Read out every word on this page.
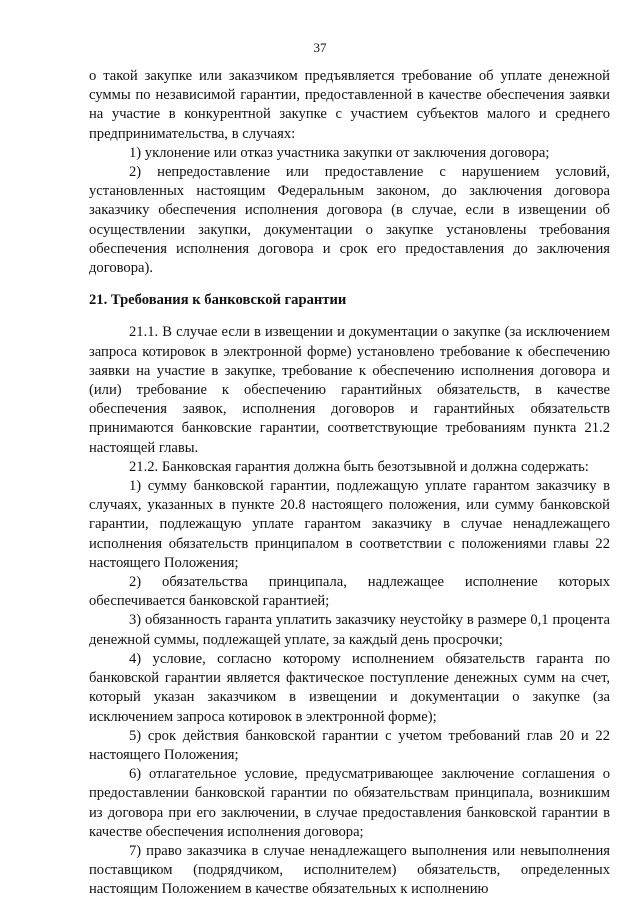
37

о такой закупке или заказчиком предъявляется требование об уплате денежной суммы по независимой гарантии, предоставленной в качестве обеспечения заявки на участие в конкурентной закупке с участием субъектов малого и среднего предпринимательства, в случаях:

1) уклонение или отказ участника закупки от заключения договора;

2) непредоставление или предоставление с нарушением условий, установленных настоящим Федеральным законом, до заключения договора заказчику обеспечения исполнения договора (в случае, если в извещении об осуществлении закупки, документации о закупке установлены требования обеспечения исполнения договора и срок его предоставления до заключения договора).

21. Требования к банковской гарантии

21.1. В случае если в извещении и документации о закупке (за исключением запроса котировок в электронной форме) установлено требование к обеспечению заявки на участие в закупке, требование к обеспечению исполнения договора и (или) требование к обеспечению гарантийных обязательств, в качестве обеспечения заявок, исполнения договоров и гарантийных обязательств принимаются банковские гарантии, соответствующие требованиям пункта 21.2 настоящей главы.

21.2. Банковская гарантия должна быть безотзывной и должна содержать:

1) сумму банковской гарантии, подлежащую уплате гарантом заказчику в случаях, указанных в пункте 20.8 настоящего положения, или сумму банковской гарантии, подлежащую уплате гарантом заказчику в случае ненадлежащего исполнения обязательств принципалом в соответствии с положениями главы 22 настоящего Положения;

2) обязательства принципала, надлежащее исполнение которых обеспечивается банковской гарантией;

3) обязанность гаранта уплатить заказчику неустойку в размере 0,1 процента денежной суммы, подлежащей уплате, за каждый день просрочки;

4) условие, согласно которому исполнением обязательств гаранта по банковской гарантии является фактическое поступление денежных сумм на счет, который указан заказчиком в извещении и документации о закупке (за исключением запроса котировок в электронной форме);

5) срок действия банковской гарантии с учетом требований глав 20 и 22 настоящего Положения;

6) отлагательное условие, предусматривающее заключение соглашения о предоставлении банковской гарантии по обязательствам принципала, возникшим из договора при его заключении, в случае предоставления банковской гарантии в качестве обеспечения исполнения договора;

7) право заказчика в случае ненадлежащего выполнения или невыполнения поставщиком (подрядчиком, исполнителем) обязательств, определенных настоящим Положением в качестве обязательных к исполнению
